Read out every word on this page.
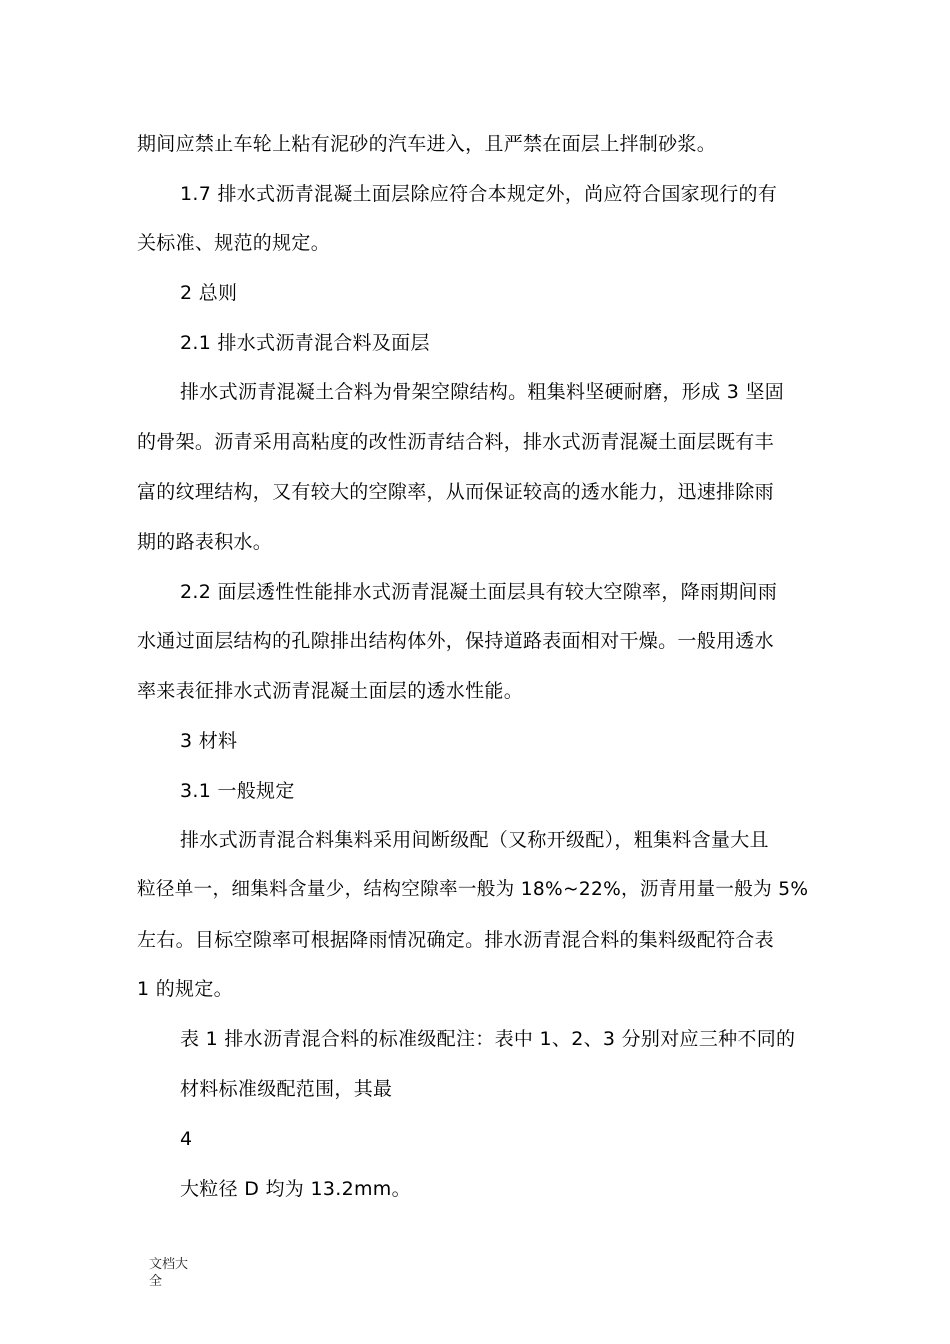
期间应禁止车轮上粘有泥砂的汽车进入，且严禁在面层上拌制砂浆。
1.7 排水式沥青混凝土面层除应符合本规定外，尚应符合国家现行的有
关标准、规范的规定。
2 总则
2.1 排水式沥青混合料及面层
排水式沥青混凝土合料为骨架空隙结构。粗集料坚硬耐磨，形成 3 坚固
的骨架。沥青采用高粘度的改性沥青结合料，排水式沥青混凝土面层既有丰
富的纹理结构，又有较大的空隙率，从而保证较高的透水能力，迅速排除雨
期的路表积水。
2.2 面层透性性能排水式沥青混凝土面层具有较大空隙率，降雨期间雨
水通过面层结构的孔隙排出结构体外，保持道路表面相对干燥。一般用透水
率来表征排水式沥青混凝土面层的透水性能。
3 材料
3.1 一般规定
排水式沥青混合料集料采用间断级配（又称开级配），粗集料含量大且
粒径单一，细集料含量少，结构空隙率一般为 18%~22%，沥青用量一般为 5%
左右。目标空隙率可根据降雨情况确定。排水沥青混合料的集料级配符合表
1 的规定。
表 1 排水沥青混合料的标准级配注：表中 1、2、3 分别对应三种不同的
材料标准级配范围，其最
4
大粒径 D 均为 13.2mm。
文档大全
